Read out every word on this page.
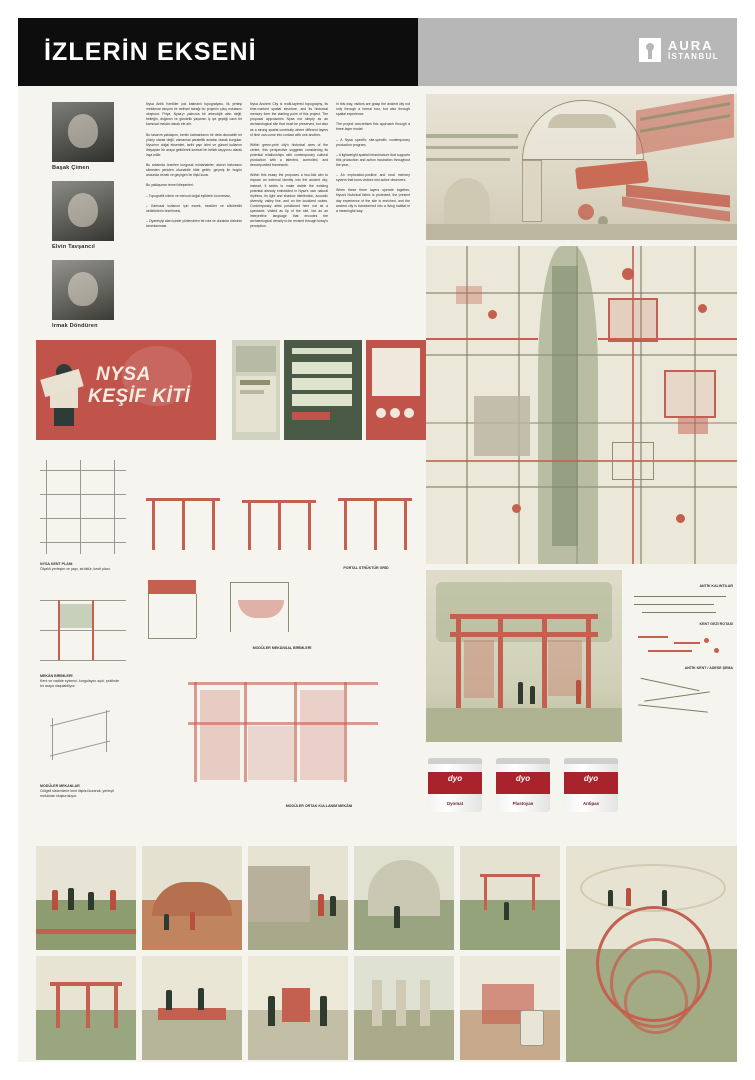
İZLERİN EKSENİ	AURA
İSTANBUL
Başak Çimen
Elvin Tavşancıl
Irmak Döndüren

Nysa Antik Kentliler çok katmanlı topografyası, ilk yerleşi mekânsal oluşum ve tarihsel tabağı bu projenin çıkış noktasını oluşturur. Priya, Nysa'yı yalnızca bir arkeolojik alan değil; belleğin, doğanın ve gündelik yaşamın iç içe geçtiği canlı bir kamusal mekân olarak ele alır.

Bu tasarım yaklaşımı, kentin katmanlarını bir defa okunabilir bir yüzey olarak değil, zamansal paralellik anlatısı olarak kurgular. Nysa'nın doğal eksenleri, tarihi yapı izleri ve güncel kullanım ihtiyaçları bir araya getirilerek kentsel bir bellek taşıyıcısı olarak inşa edilir.

Bu anlamda önerilen kurgusal müdahaleler, alanın hafızasını silmeden yeniden okunabilir hâle getirir; geçmiş ile bugün arasında esnek ve geçirgen bir ilişki kurar.

Bu yaklaşımın temel bileşenleri:

– Topografik izlerin ve mevcut doğal eşiklerin korunması,

– Kamusal kullanım için esnek, modüler ve sökülebilir strüktürlerin önerilmesi,

– Ziyaretçiyi alan içinde yönlendiren bir rota ve duraklar dizisinin tanımlanması.

Nysa Ancient City is multi-layered topography, its time-marked spatial structure, and its historical memory form the starting point of this project. The proposal approaches Nysa not simply as an archaeological site that must be preserved, but also as a strong spatial continuity where different layers of time can come into contact with one another.

Within green-print city's historical axes of the centre, this perspective suggests considering its potential relationships with contemporary cultural production with a talented, controlled, and decomposited framework.

Within this essay the proposes a two-fold aim to impose an external identity into the ancient city; instead, it seeks to make visible the existing potential already embedded in Nysa's own natural rhythms, its light and shadow distribution, acoustic diversity, valley line, and on the localized routes. Contemporary artist positioned here not as a spectacle, visited as tip of the site, but as an interpretive language that encodes the archaeological density to be revised through today's perception.

In this way, visitors are grasp the ancient city not only through a formal tour, but also through spatial experience.

The project concretizes this approach through a three-layer model:

– A Nysa specific site-specific contemporary production program,

– A lightweight spatial infrastructure that supports this production and action incubation throughout the year,

– An exploration-positive and rural memory system that turns visitors into active observers.

When these three layers operate together, Nysa's historical fabric is protected; the present day experience of the site is enriched, and the ancient city is transformed into a living habitat in a meaningful way.

ANTİK KALINTILAR
KENT GEZİ ROTASI
ANTİK KENT / ADESE ŞEMA
NYSA
KEŞİF KİTİ
NYSA KENT PLANI
Ölçekli yerleşim ve yapı, strüktür, kesit planı.
MEKÂN BİRİMLERİ
Kent ve vadide eylemci, kurgulayıcı açık, şeklinde bir araya ulaşılabiliyor.
MODÜLER MEKANLAR
Gölgeli sistemlerle kent ilişkisi kurarak, yerleşti mekânlar oluşturuluyor.
PORTAL STRÜKTÜR GRİD
MODÜLER MEKÂNSAL BİRİMLERİ
MODÜLER ORTAK KULLANIM MEKÂNI
dyo
Dyomat
dyo
Plastoyan
dyo
Antipas
